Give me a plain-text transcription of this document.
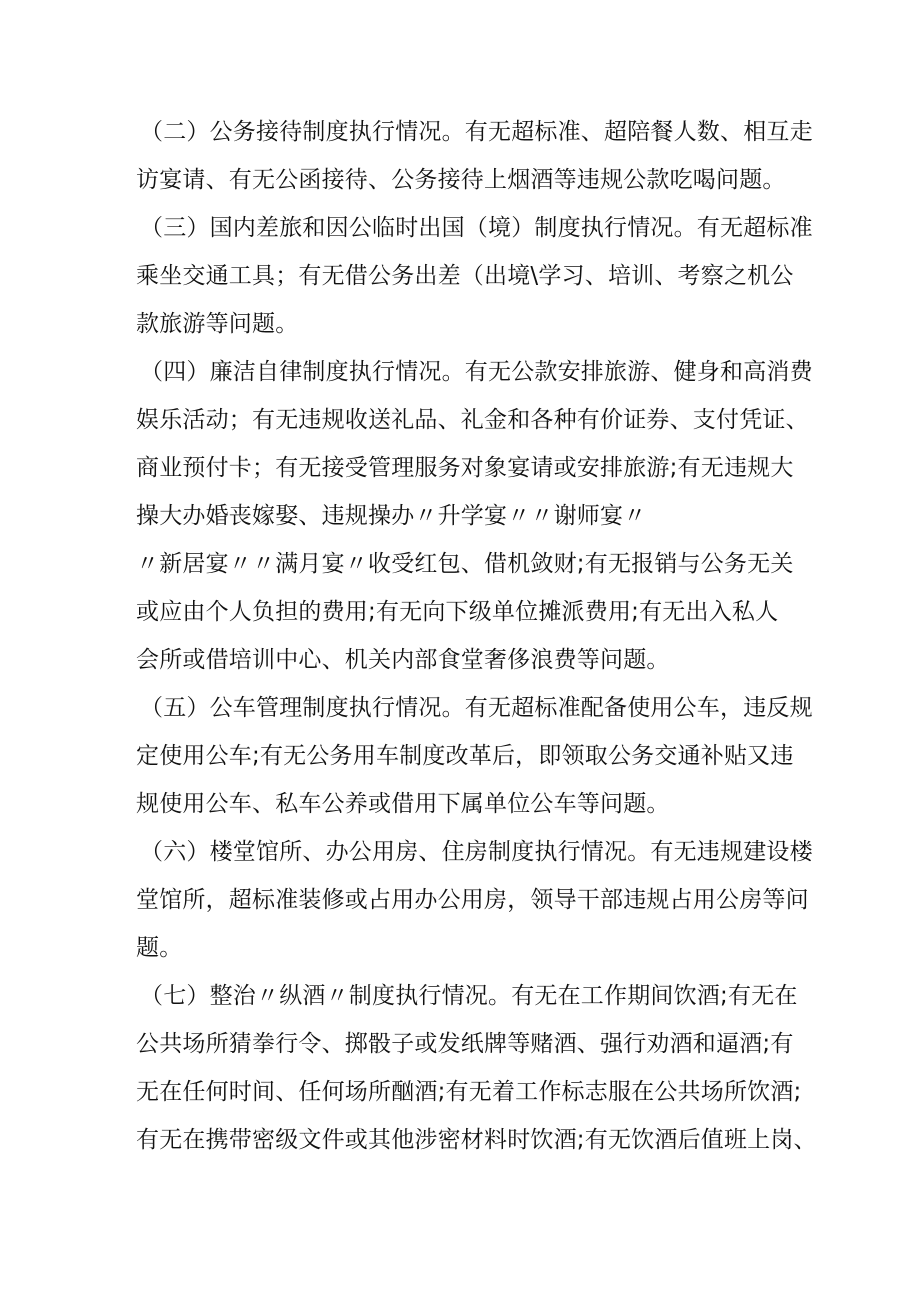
（二）公务接待制度执行情况。有无超标准、超陪餐人数、相互走

访宴请、有无公函接待、公务接待上烟酒等违规公款吃喝问题。

（三）国内差旅和因公临时出国（境）制度执行情况。有无超标准

乘坐交通工具；有无借公务出差（出境\学习、培训、考察之机公

款旅游等问题。

（四）廉洁自律制度执行情况。有无公款安排旅游、健身和高消费

娱乐活动；有无违规收送礼品、礼金和各种有价证券、支付凭证、

商业预付卡；有无接受管理服务对象宴请或安排旅游;有无违规大

操大办婚丧嫁娶、违规操办〃升学宴〃〃谢师宴〃

〃新居宴〃〃满月宴〃收受红包、借机敛财;有无报销与公务无关

或应由个人负担的费用;有无向下级单位摊派费用;有无出入私人

会所或借培训中心、机关内部食堂奢侈浪费等问题。

（五）公车管理制度执行情况。有无超标准配备使用公车，违反规

定使用公车;有无公务用车制度改革后，即领取公务交通补贴又违

规使用公车、私车公养或借用下属单位公车等问题。

（六）楼堂馆所、办公用房、住房制度执行情况。有无违规建设楼

堂馆所，超标准装修或占用办公用房，领导干部违规占用公房等问

题。

（七）整治〃纵酒〃制度执行情况。有无在工作期间饮酒;有无在

公共场所猜拳行令、掷骰子或发纸牌等赌酒、强行劝酒和逼酒;有

无在任何时间、任何场所酗酒;有无着工作标志服在公共场所饮酒;

有无在携带密级文件或其他涉密材料时饮酒;有无饮酒后值班上岗、
